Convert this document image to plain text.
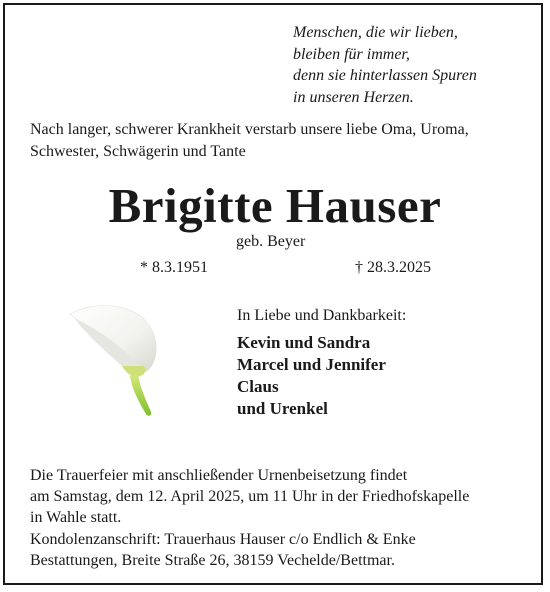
Menschen, die wir lieben,
bleiben für immer,
denn sie hinterlassen Spuren
in unseren Herzen.
Nach langer, schwerer Krankheit verstarb unsere liebe Oma, Uroma,
Schwester, Schwägerin und Tante
Brigitte Hauser
geb. Beyer
* 8.3.1951	† 28.3.2025
In Liebe und Dankbarkeit:
Kevin und Sandra
Marcel und Jennifer
Claus
und Urenkel
Die Trauerfeier mit anschließender Urnenbeisetzung findet
am Samstag, dem 12. April 2025, um 11 Uhr in der Friedhofskapelle
in Wahle statt.
Kondolenzanschrift: Trauerhaus Hauser c/o Endlich & Enke
Bestattungen, Breite Straße 26, 38159 Vechelde/Bettmar.
